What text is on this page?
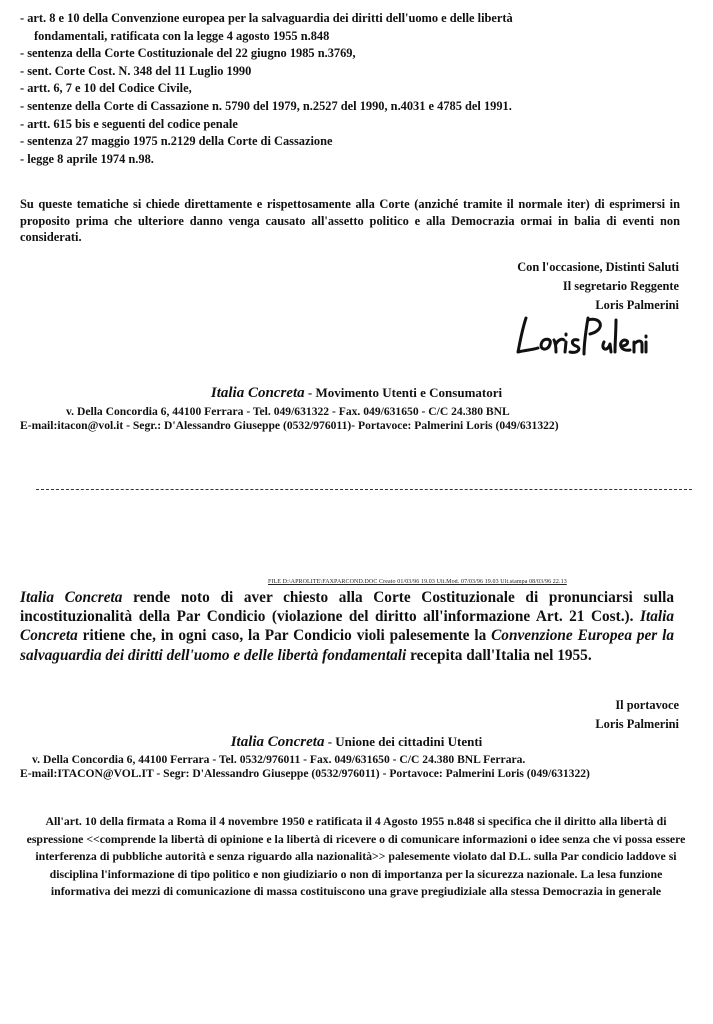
- art. 8 e 10 della Convenzione europea per la salvaguardia dei diritti dell'uomo e delle libertà
fondamentali, ratificata con la legge 4 agosto 1955 n.848
- sentenza della Corte Costituzionale del 22 giugno 1985 n.3769,
- sent. Corte Cost. N. 348 del 11 Luglio 1990
- artt. 6, 7 e 10 del Codice Civile,
- sentenze della Corte di Cassazione n. 5790 del 1979, n.2527 del 1990, n.4031 e 4785 del 1991.
- artt. 615 bis e seguenti del codice penale
- sentenza 27 maggio 1975 n.2129 della Corte di Cassazione
- legge 8 aprile 1974 n.98.
Su queste tematiche si chiede direttamente e rispettosamente alla Corte (anziché tramite il normale iter) di esprimersi in proposito prima che ulteriore danno venga causato all'assetto politico e alla Democrazia ormai in balia di eventi non considerati.
Con l'occasione, Distinti Saluti
Il segretario Reggente
Loris Palmerini
Italia Concreta - Movimento Utenti e Consumatori
v. Della Concordia 6, 44100 Ferrara - Tel. 049/631322 - Fax. 049/631650 - C/C 24.380 BNL
E-mail:itacon@vol.it - Segr.: D'Alessandro Giuseppe (0532/976011)- Portavoce: Palmerini Loris (049/631322)
FILE D:\APROLITE\FAXPARCOND.DOC Creato 01/03/96 19.03 Ult.Mod. 07/03/96 19.03 Ult.stampa 08/03/96 22.13
Italia Concreta rende noto di aver chiesto alla Corte Costituzionale di pronunciarsi sulla incostituzionalità della Par Condicio (violazione del diritto all'informazione Art. 21 Cost.). Italia Concreta ritiene che, in ogni caso, la Par Condicio violi palesemente la Convenzione Europea per la salvaguardia dei diritti dell'uomo e delle libertà fondamentali recepita dall'Italia nel 1955.
Il portavoce
Loris Palmerini
Italia Concreta - Unione dei cittadini Utenti
v. Della Concordia 6, 44100 Ferrara - Tel. 0532/976011 - Fax. 049/631650 - C/C 24.380 BNL Ferrara.
E-mail:ITACON@VOL.IT - Segr: D'Alessandro Giuseppe (0532/976011) - Portavoce: Palmerini Loris (049/631322)
All'art. 10 della firmata a Roma il 4 novembre 1950 e ratificata il 4 Agosto 1955 n.848 si specifica che il diritto alla libertà di espressione <<comprende la libertà di opinione e la libertà di ricevere o di comunicare informazioni o idee senza che vi possa essere interferenza di pubbliche autorità e senza riguardo alla nazionalità>> palesemente violato dal D.L. sulla Par condicio laddove si disciplina l'informazione di tipo politico e non giudiziario o non di importanza per la sicurezza nazionale. La lesa funzione informativa dei mezzi di comunicazione di massa costituiscono una grave pregiudiziale alla stessa Democrazia in generale
